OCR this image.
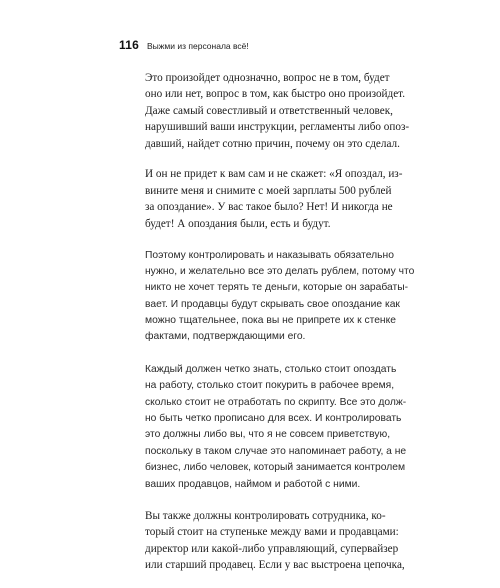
116 Выжми из персонала всё!
Это произойдет однозначно, вопрос не в том, будет
оно или нет, вопрос в том, как быстро оно произойдет.
Даже самый совестливый и ответственный человек,
нарушивший ваши инструкции, регламенты либо опоз-
давший, найдет сотню причин, почему он это сделал.
И он не придет к вам сам и не скажет: «Я опоздал, из-
вините меня и снимите с моей зарплаты 500 рублей
за опоздание». У вас такое было? Нет! И никогда не
будет! А опоздания были, есть и будут.
Поэтому контролировать и наказывать обязательно
нужно, и желательно все это делать рублем, потому что
никто не хочет терять те деньги, которые он зарабаты-
вает. И продавцы будут скрывать свое опоздание как
можно тщательнее, пока вы не припрете их к стенке
фактами, подтверждающими его.
Каждый должен четко знать, столько стоит опоздать
на работу, столько стоит покурить в рабочее время,
сколько стоит не отработать по скрипту. Все это долж-
но быть четко прописано для всех. И контролировать
это должны либо вы, что я не совсем приветствую,
поскольку в таком случае это напоминает работу, а не
бизнес, либо человек, который занимается контролем
ваших продавцов, наймом и работой с ними.
Вы также должны контролировать сотрудника, ко-
торый стоит на ступеньке между вами и продавцами:
директор или какой-либо управляющий, супервайзер
или старший продавец. Если у вас выстроена цепочка,
